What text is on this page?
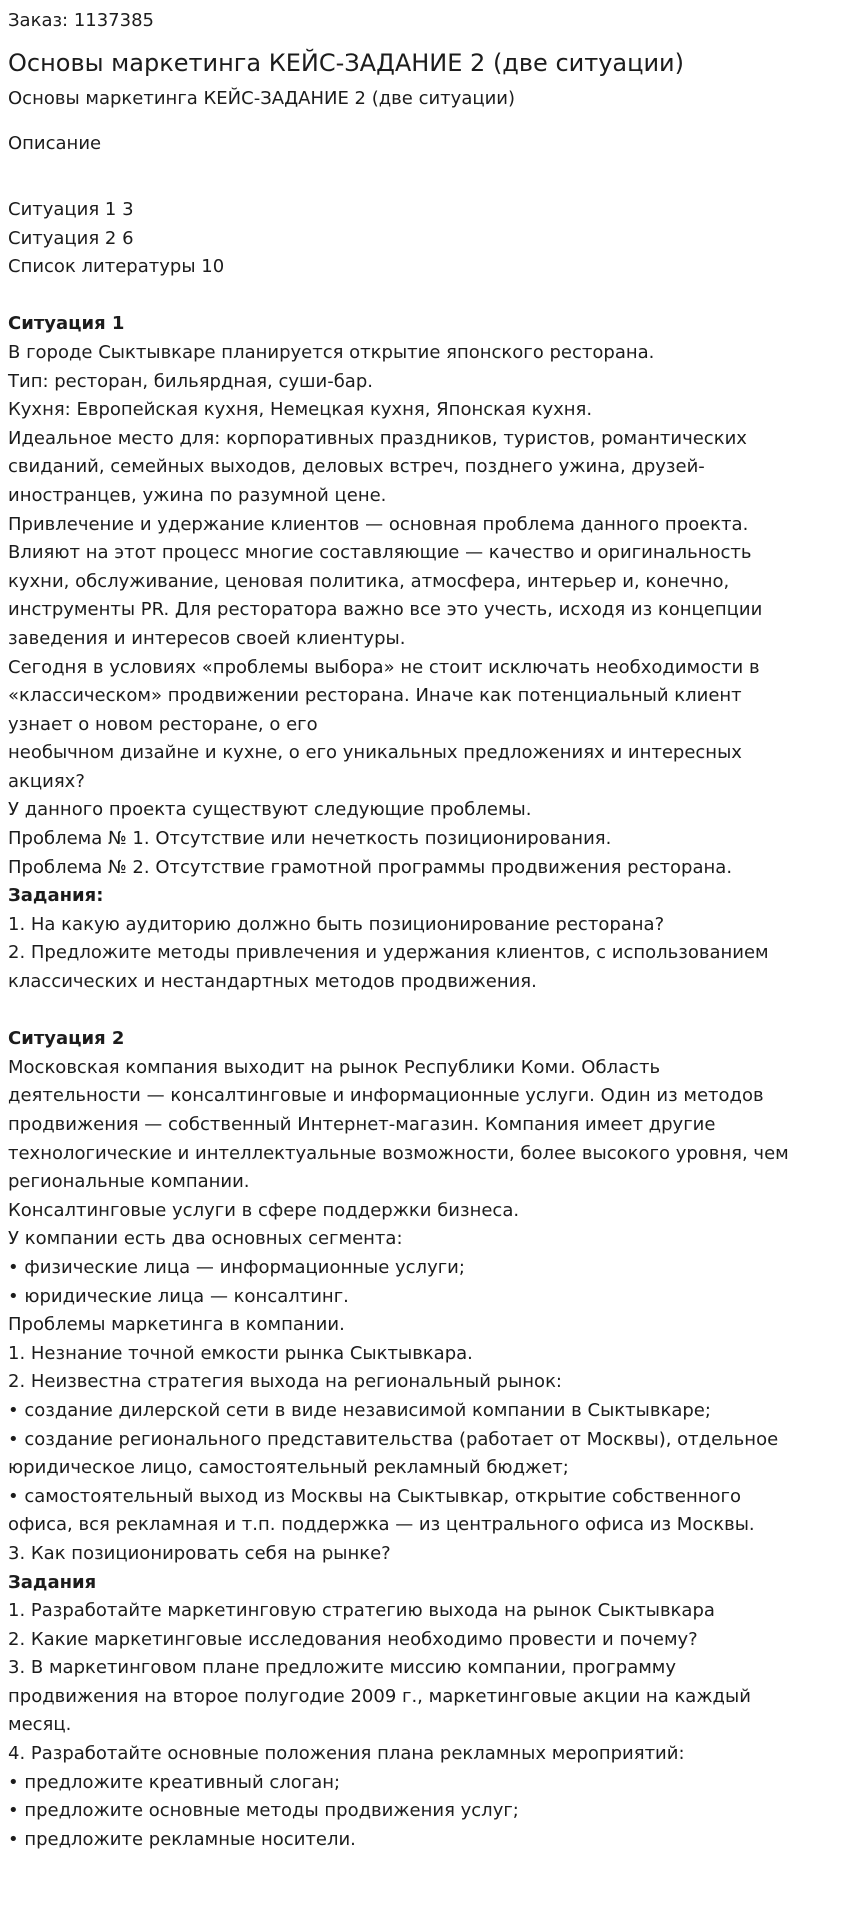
Заказ: 1137385

Основы маркетинга КЕЙС-ЗАДАНИЕ 2 (две ситуации)

Основы маркетинга КЕЙС-ЗАДАНИЕ 2 (две ситуации)

Описание

Ситуация 1 3

Ситуация 2 6

Список литературы 10

Ситуация 1

В городе Сыктывкаре планируется открытие японского ресторана.

Тип: ресторан, бильярдная, суши-бар.

Кухня: Европейская кухня, Немецкая кухня, Японская кухня.

Идеальное место для: корпоративных праздников, туристов, романтических

свиданий, семейных выходов, деловых встреч, позднего ужина, друзей-

иностранцев, ужина по разумной цене.

Привлечение и удержание клиентов — основная проблема данного проекта.

Влияют на этот процесс многие составляющие — качество и оригинальность

кухни, обслуживание, ценовая политика, атмосфера, интерьер и, конечно,

инструменты PR. Для ресторатора важно все это учесть, исходя из концепции

заведения и интересов своей клиентуры.

Сегодня в условиях «проблемы выбора» не стоит исключать необходимости в

«классическом» продвижении ресторана. Иначе как потенциальный клиент

узнает о новом ресторане, о его

необычном дизайне и кухне, о его уникальных предложениях и интересных

акциях?

У данного проекта существуют следующие проблемы.

Проблема № 1. Отсутствие или нечеткость позиционирования.

Проблема № 2. Отсутствие грамотной программы продвижения ресторана.

Задания:

1. На какую аудиторию должно быть позиционирование ресторана?

2. Предложите методы привлечения и удержания клиентов, с использованием

классических и нестандартных методов продвижения.

Ситуация 2

Московская компания выходит на рынок Республики Коми. Область

деятельности — консалтинговые и информационные услуги. Один из методов

продвижения — собственный Интернет-магазин. Компания имеет другие

технологические и интеллектуальные возможности, более высокого уровня, чем

региональные компании.

Консалтинговые услуги в сфере поддержки бизнеса.

У компании есть два основных сегмента:

• физические лица — информационные услуги;

• юридические лица — консалтинг.

Проблемы маркетинга в компании.

1. Незнание точной емкости рынка Сыктывкара.

2. Неизвестна стратегия выхода на региональный рынок:

• создание дилерской сети в виде независимой компании в Сыктывкаре;

• создание регионального представительства (работает от Москвы), отдельное

юридическое лицо, самостоятельный рекламный бюджет;

• самостоятельный выход из Москвы на Сыктывкар, открытие собственного

офиса, вся рекламная и т.п. поддержка — из центрального офиса из Москвы.

3. Как позиционировать себя на рынке?

Задания

1. Разработайте маркетинговую стратегию выхода на рынок Сыктывкара

2. Какие маркетинговые исследования необходимо провести и почему?

3. В маркетинговом плане предложите миссию компании, программу

продвижения на второе полугодие 2009 г., маркетинговые акции на каждый

месяц.

4. Разработайте основные положения плана рекламных мероприятий:

• предложите креативный слоган;

• предложите основные методы продвижения услуг;

• предложите рекламные носители.
